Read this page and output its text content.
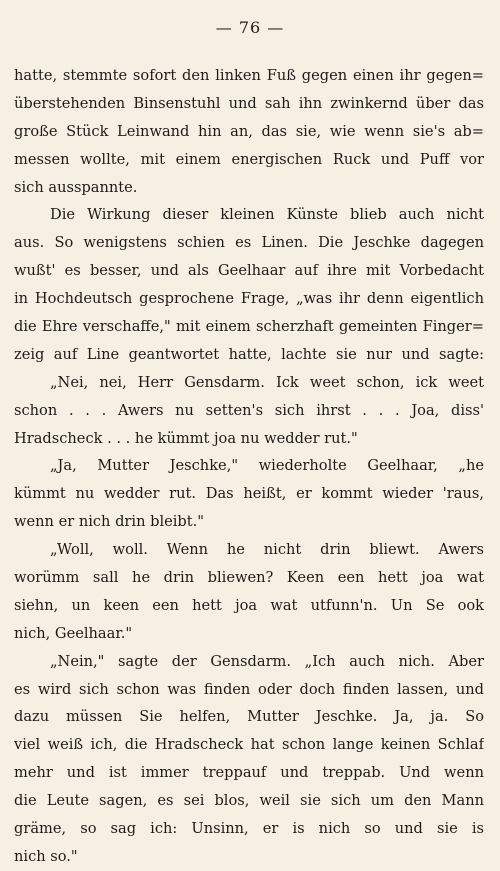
— 76 —
hatte, stemmte sofort den linken Fuß gegen einen ihr gegen=
überstehenden Binsenstuhl und sah ihn zwinkernd über das
große Stück Leinwand hin an, das sie, wie wenn sie's ab=
messen wollte, mit einem energischen Ruck und Puff vor
sich ausspannte.
Die Wirkung dieser kleinen Künste blieb auch nicht
aus. So wenigstens schien es Linen. Die Jeschke dagegen
wußt' es besser, und als Geelhaar auf ihre mit Vorbedacht
in Hochdeutsch gesprochene Frage, „was ihr denn eigentlich
die Ehre verschaffe," mit einem scherzhaft gemeinten Finger=
zeig auf Line geantwortet hatte, lachte sie nur und sagte:
„Nei, nei, Herr Gensdarm. Ick weet schon, ick weet
schon . . . Awers nu setten's sich ihrst . . . Joa, diss'
Hradscheck . . . he kümmt joa nu wedder rut."
„Ja, Mutter Jeschke," wiederholte Geelhaar, „he
kümmt nu wedder rut. Das heißt, er kommt wieder 'raus,
wenn er nich drin bleibt."
„Woll, woll. Wenn he nicht drin bliewt. Awers
worümm sall he drin bliewen? Keen een hett joa wat
siehn, un keen een hett joa wat utfunn'n. Un Se ook
nich, Geelhaar."
„Nein," sagte der Gensdarm. „Ich auch nich. Aber
es wird sich schon was finden oder doch finden lassen, und
dazu müssen Sie helfen, Mutter Jeschke. Ja, ja. So
viel weiß ich, die Hradscheck hat schon lange keinen Schlaf
mehr und ist immer treppauf und treppab. Und wenn
die Leute sagen, es sei blos, weil sie sich um den Mann
gräme, so sag ich: Unsinn, er is nich so und sie is
nich so."
